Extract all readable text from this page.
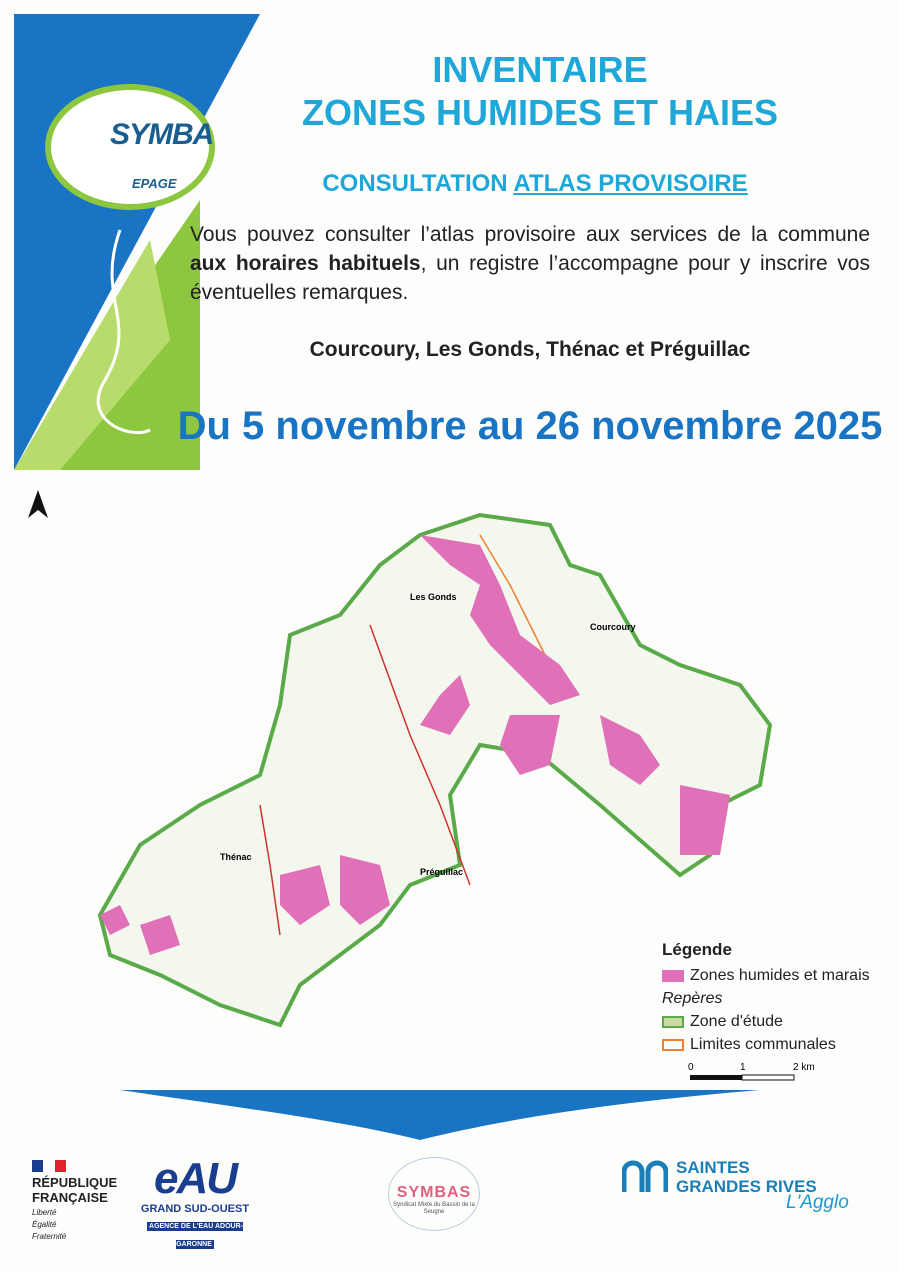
SYMBA
EPAGE
INVENTAIRE
ZONES HUMIDES ET HAIES
CONSULTATION ATLAS PROVISOIRE
Vous pouvez consulter l’atlas provisoire aux services de la commune aux horaires habituels, un registre l’accompagne pour y inscrire vos éventuelles remarques.
Courcoury, Les Gonds, Thénac et Préguillac
Du 5 novembre au 26 novembre 2025
Les Gonds
Courcoury
Thénac
Préguillac
Légende
Zones humides et marais
Repères
Zone d'étude
Limites communales
0	1	2 km
RÉPUBLIQUE
FRANÇAISE
Liberté
Égalité
Fraternité
eAU
GRAND SUD-OUEST
AGENCE DE L'EAU ADOUR-GARONNE
SYMBAS
Syndicat Mixte du Bassin de la Seugne
SAINTES
GRANDES RIVES
L'Agglo
